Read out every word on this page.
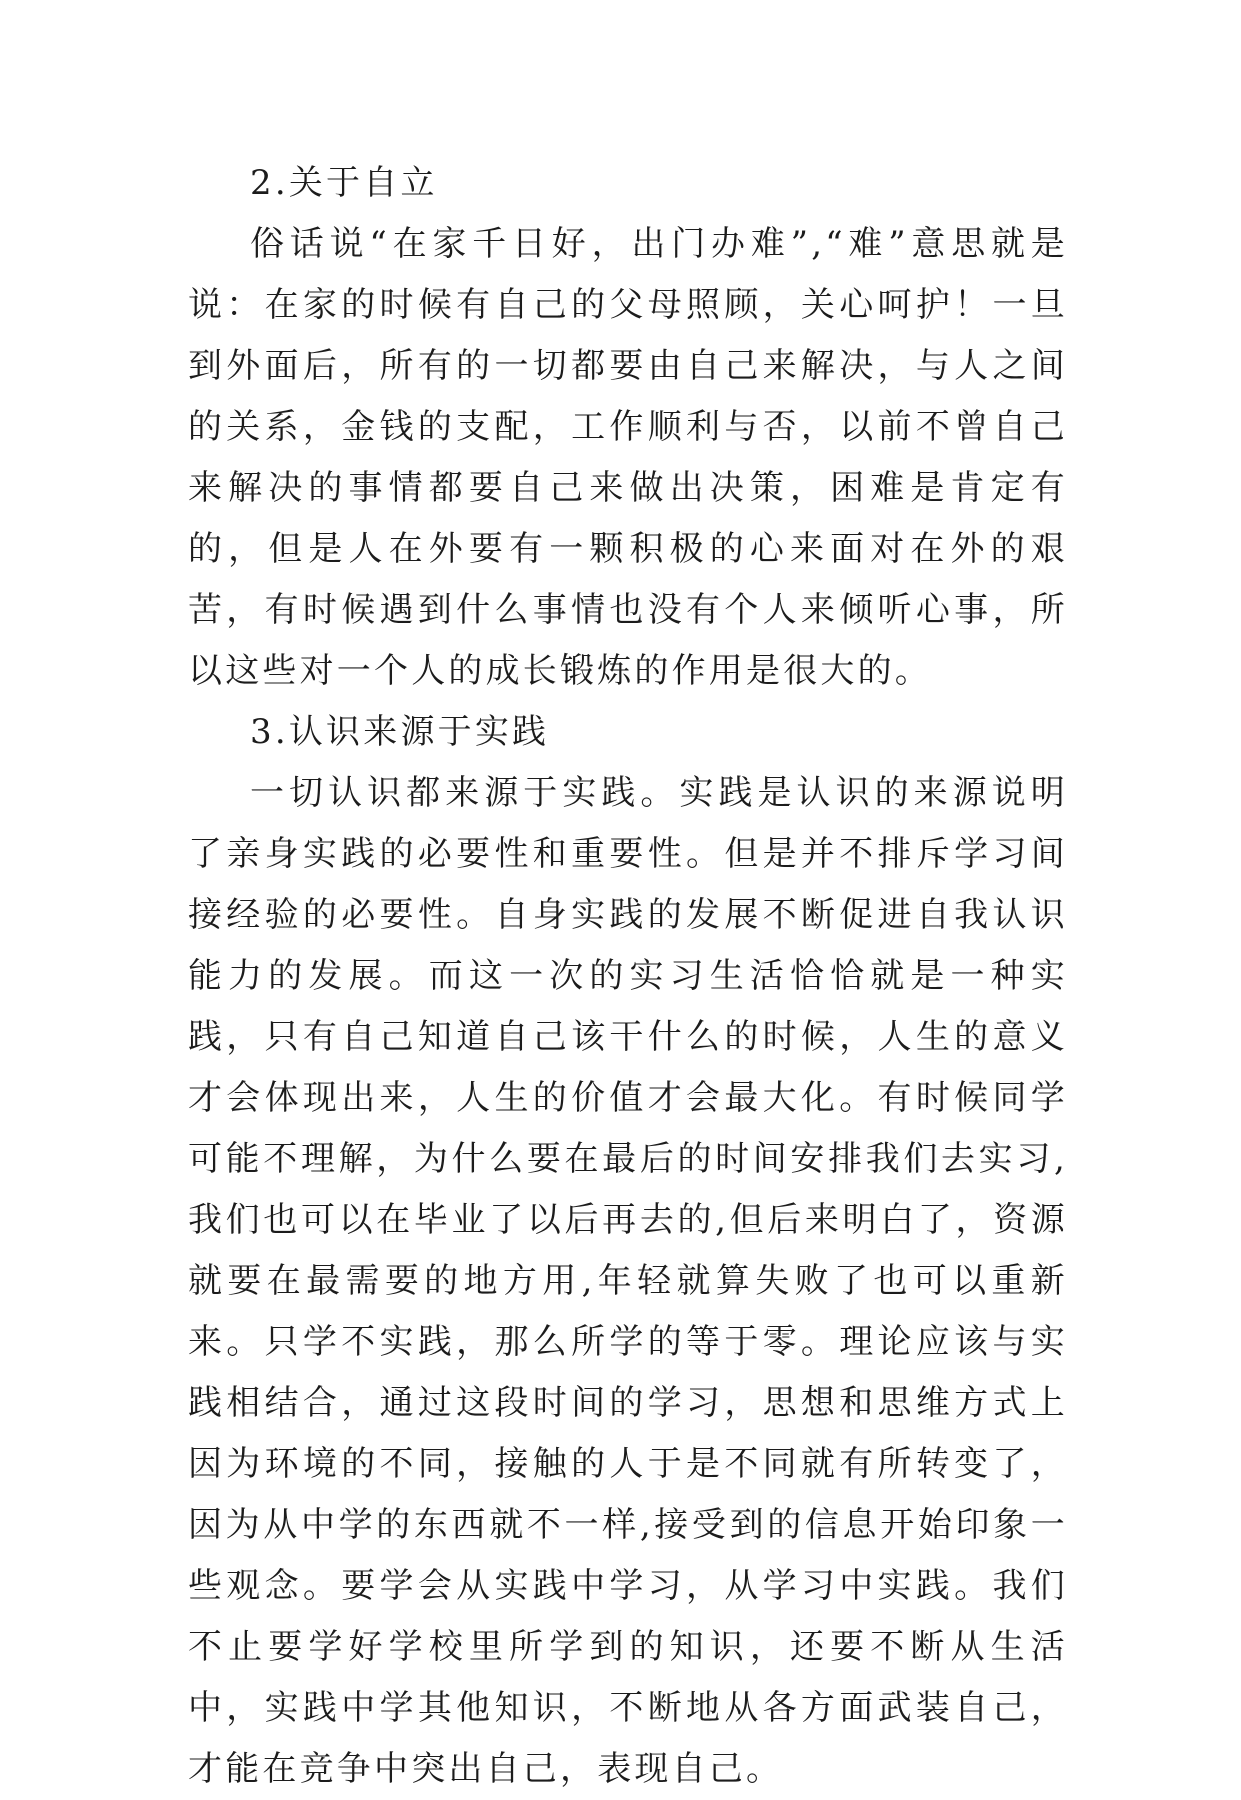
2.关于自立

俗话说“在家千日好，出门办难”,“难”意思就是说：在家的时候有自己的父母照顾，关心呵护！一旦到外面后，所有的一切都要由自己来解决，与人之间的关系，金钱的支配，工作顺利与否，以前不曾自己来解决的事情都要自己来做出决策，困难是肯定有的，但是人在外要有一颗积极的心来面对在外的艰苦，有时候遇到什么事情也没有个人来倾听心事，所以这些对一个人的成长锻炼的作用是很大的。

3.认识来源于实践

一切认识都来源于实践。实践是认识的来源说明了亲身实践的必要性和重要性。但是并不排斥学习间接经验的必要性。自身实践的发展不断促进自我认识能力的发展。而这一次的实习生活恰恰就是一种实践，只有自己知道自己该干什么的时候，人生的意义才会体现出来，人生的价值才会最大化。有时候同学可能不理解，为什么要在最后的时间安排我们去实习,我们也可以在毕业了以后再去的,但后来明白了，资源就要在最需要的地方用,年轻就算失败了也可以重新来。只学不实践，那么所学的等于零。理论应该与实践相结合，通过这段时间的学习，思想和思维方式上因为环境的不同，接触的人于是不同就有所转变了，因为从中学的东西就不一样,接受到的信息开始印象一些观念。要学会从实践中学习，从学习中实践。我们不止要学好学校里所学到的知识，还要不断从生活中，实践中学其他知识，不断地从各方面武装自己，才能在竞争中突出自己，表现自己。
